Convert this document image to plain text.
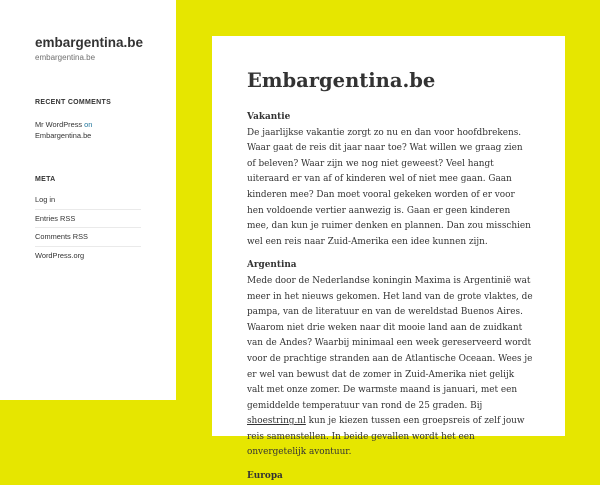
embargentina.be
embargentina.be
RECENT COMMENTS
Mr WordPress on
Embargentina.be
META
Log in
Entries RSS
Comments RSS
WordPress.org
Embargentina.be
Vakantie

De jaarlijkse vakantie zorgt zo nu en dan voor hoofdbrekens. Waar gaat de reis dit jaar naar toe? Wat willen we graag zien of beleven? Waar zijn we nog niet geweest? Veel hangt uiteraard er van af of kinderen wel of niet mee gaan. Gaan kinderen mee? Dan moet vooral gekeken worden of er voor hen voldoende vertier aanwezig is. Gaan er geen kinderen mee, dan kun je ruimer denken en plannen. Dan zou misschien wel een reis naar Zuid-Amerika een idee kunnen zijn.

Argentina

Mede door de Nederlandse koningin Maxima is Argentinië wat meer in het nieuws gekomen. Het land van de grote vlaktes, de pampa, van de literatuur en van de wereldstad Buenos Aires. Waarom niet drie weken naar dit mooie land aan de zuidkant van de Andes? Waarbij minimaal een week gereserveerd wordt voor de prachtige stranden aan de Atlantische Oceaan. Wees je er wel van bewust dat de zomer in Zuid-Amerika niet gelijk valt met onze zomer. De warmste maand is januari, met een gemiddelde temperatuur van rond de 25 graden. Bij shoestring.nl kun je kiezen tussen een groepsreis of zelf jouw reis samenstellen. In beide gevallen wordt het een onvergetelijk avontuur.

Europa
